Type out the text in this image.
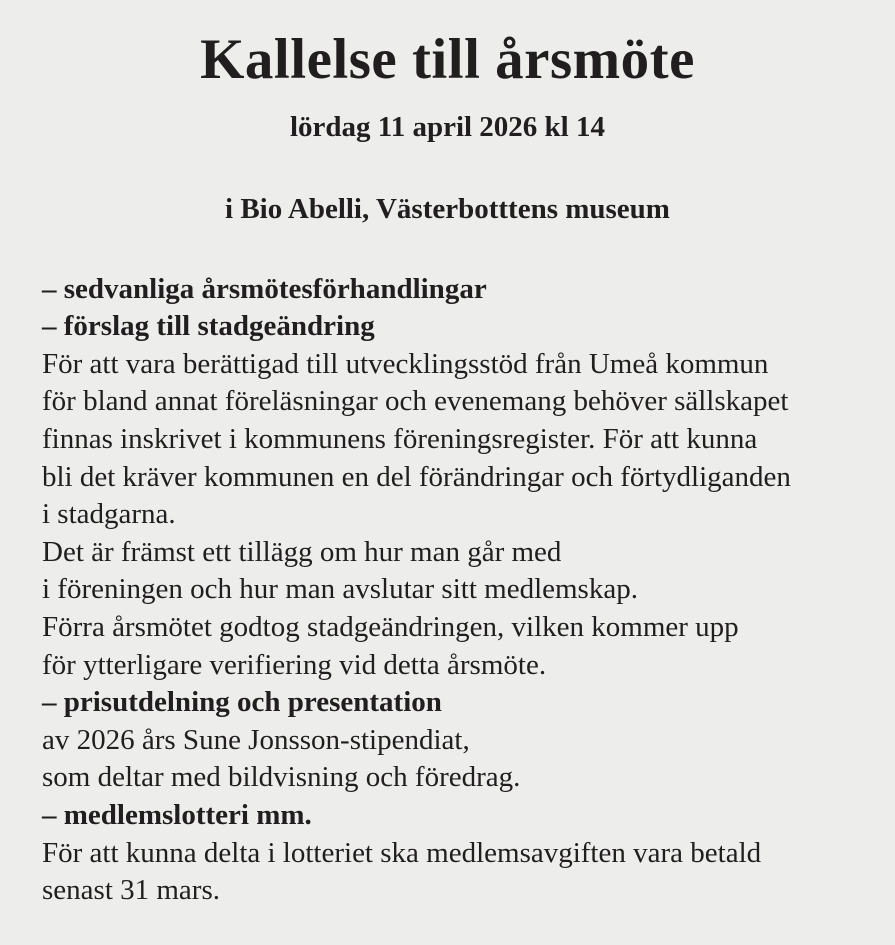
Kallelse till årsmöte

lördag 11 april 2026 kl 14

i Bio Abelli, Västerbotttens museum

– sedvanliga årsmötesförhandlingar

– förslag till stadgeändring

För att vara berättigad till utvecklingsstöd från Umeå kommun

för bland annat föreläsningar och evenemang behöver sällskapet

finnas inskrivet i kommunens föreningsregister. För att kunna

bli det kräver kommunen en del förändringar och förtydliganden

i stadgarna.

Det är främst ett tillägg om hur man går med

i föreningen och hur man avslutar sitt medlemskap.

Förra årsmötet godtog stadgeändringen, vilken kommer upp

för ytterligare verifiering vid detta årsmöte.

– prisutdelning och presentation

av 2026 års Sune Jonsson-stipendiat,

som deltar med bildvisning och föredrag.

– medlemslotteri mm.

För att kunna delta i lotteriet ska medlemsavgiften vara betald

senast 31 mars.
